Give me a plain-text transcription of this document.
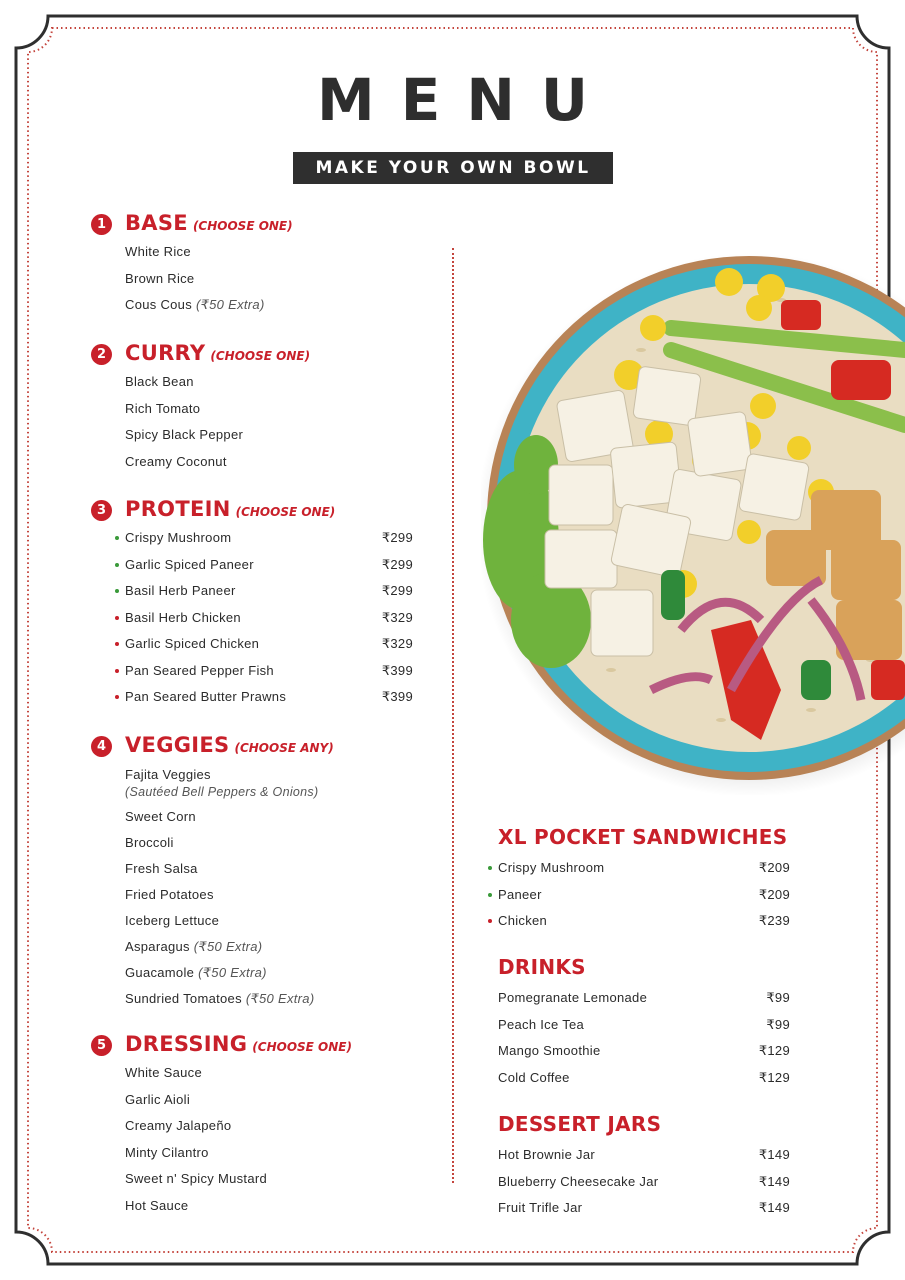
MENU
MAKE YOUR OWN BOWL
1 BASE (CHOOSE ONE)
White Rice
Brown Rice
Cous Cous (₹50 Extra)
2 CURRY (CHOOSE ONE)
Black Bean
Rich Tomato
Spicy Black Pepper
Creamy Coconut
3 PROTEIN (CHOOSE ONE)
Crispy Mushroom	₹299
Garlic Spiced Paneer	₹299
Basil Herb Paneer	₹299
Basil Herb Chicken	₹329
Garlic Spiced Chicken	₹329
Pan Seared Pepper Fish	₹399
Pan Seared Butter Prawns	₹399
4 VEGGIES (CHOOSE ANY)
Fajita Veggies
(Sautéed Bell Peppers & Onions)
Sweet Corn
Broccoli
Fresh Salsa
Fried Potatoes
Iceberg Lettuce
Asparagus (₹50 Extra)
Guacamole (₹50 Extra)
Sundried Tomatoes (₹50 Extra)
5 DRESSING (CHOOSE ONE)
White Sauce
Garlic Aioli
Creamy Jalapeño
Minty Cilantro
Sweet n' Spicy Mustard
Hot Sauce
XL POCKET SANDWICHES
Crispy Mushroom	₹209
Paneer	₹209
Chicken	₹239
DRINKS
Pomegranate Lemonade	₹99
Peach Ice Tea	₹99
Mango Smoothie	₹129
Cold Coffee	₹129
DESSERT JARS
Hot Brownie Jar	₹149
Blueberry Cheesecake Jar	₹149
Fruit Trifle Jar	₹149
